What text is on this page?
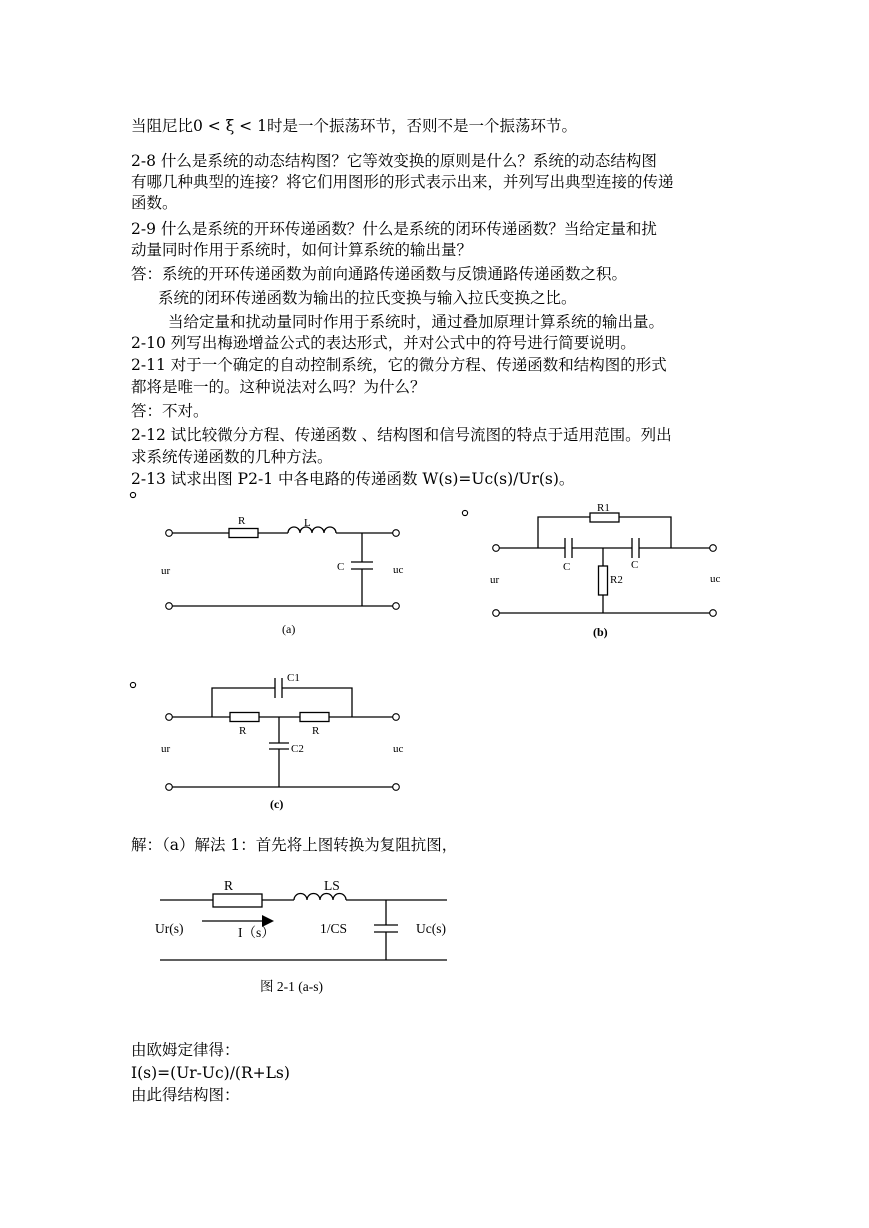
当阻尼比0 < ξ < 1时是一个振荡环节，否则不是一个振荡环节。
2-8 什么是系统的动态结构图？它等效变换的原则是什么？系统的动态结构图
有哪几种典型的连接？将它们用图形的形式表示出来，并列写出典型连接的传递
函数。
2-9 什么是系统的开环传递函数？什么是系统的闭环传递函数？当给定量和扰
动量同时作用于系统时，如何计算系统的输出量？
答：系统的开环传递函数为前向通路传递函数与反馈通路传递函数之积。
系统的闭环传递函数为输出的拉氏变换与输入拉氏变换之比。
当给定量和扰动量同时作用于系统时，通过叠加原理计算系统的输出量。
2-10 列写出梅逊增益公式的表达形式，并对公式中的符号进行简要说明。
2-11 对于一个确定的自动控制系统，它的微分方程、传递函数和结构图的形式
都将是唯一的。这种说法对么吗？为什么？
答：不对。
2-12 试比较微分方程、传递函数 、结构图和信号流图的特点于适用范围。列出
求系统传递函数的几种方法。
2-13 试求出图 P2-1 中各电路的传递函数 W(s)=Uc(s)/Ur(s)。
解：（a）解法 1：首先将上图转换为复阻抗图，
由欧姆定律得：
I(s)=(Ur-Uc)/(R+Ls)
由此得结构图：
R	L
C
ur	uc
(a)
R1
C	C
R2
ur	uc
(b)
C1
R	R
C2
ur	uc
(c)
R	LS
Ur(s)	I（s）	1/CS	Uc(s)
图 2-1 (a-s)
